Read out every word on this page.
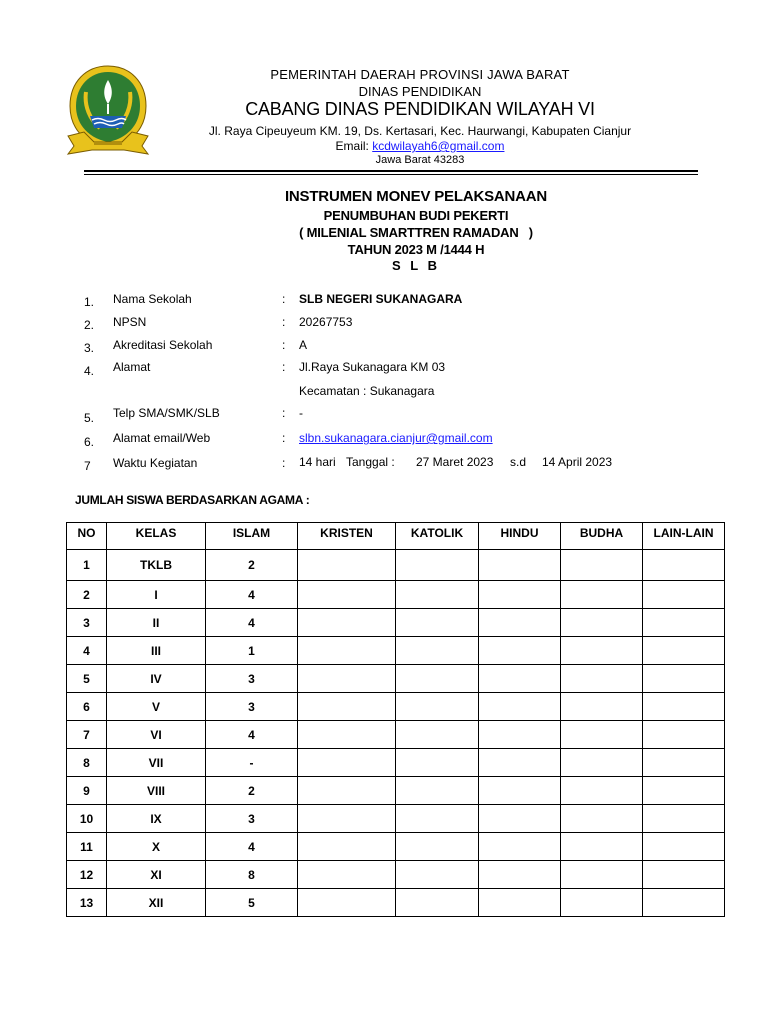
PEMERINTAH DAERAH PROVINSI JAWA BARAT
DINAS PENDIDIKAN
CABANG DINAS PENDIDIKAN WILAYAH VI
Jl. Raya Cipeuyeum KM. 19, Ds. Kertasari, Kec. Haurwangi, Kabupaten Cianjur
Email: kcdwilayah6@gmail.com
Jawa Barat 43283
INSTRUMEN MONEV PELAKSANAAN
PENUMBUHAN BUDI PEKERTI
( MILENIAL SMARTTREN RAMADAN   )
TAHUN 2023 M /1444 H
S L B
1. Nama Sekolah	: SLB NEGERI SUKANAGARA
2. NPSN	: 20267753
3. Akreditasi Sekolah	: A
4. Alamat	: Jl.Raya Sukanagara KM 03
Kecamatan : Sukanagara
5. Telp SMA/SMK/SLB	: -
6. Alamat email/Web	: slbn.sukanagara.cianjur@gmail.com
7 Waktu Kegiatan	: 14 hari Tanggal : 27 Maret 2023 s.d 14 April 2023
JUMLAH SISWA BERDASARKAN AGAMA :
NO	KELAS	ISLAM	KRISTEN	KATOLIK	HINDU	BUDHA	LAIN-LAIN
1	TKLB	2					
2	I	4					
3	II	4					
4	III	1					
5	IV	3					
6	V	3					
7	VI	4					
8	VII	-					
9	VIII	2					
10	IX	3					
11	X	4					
12	XI	8					
13	XII	5					
